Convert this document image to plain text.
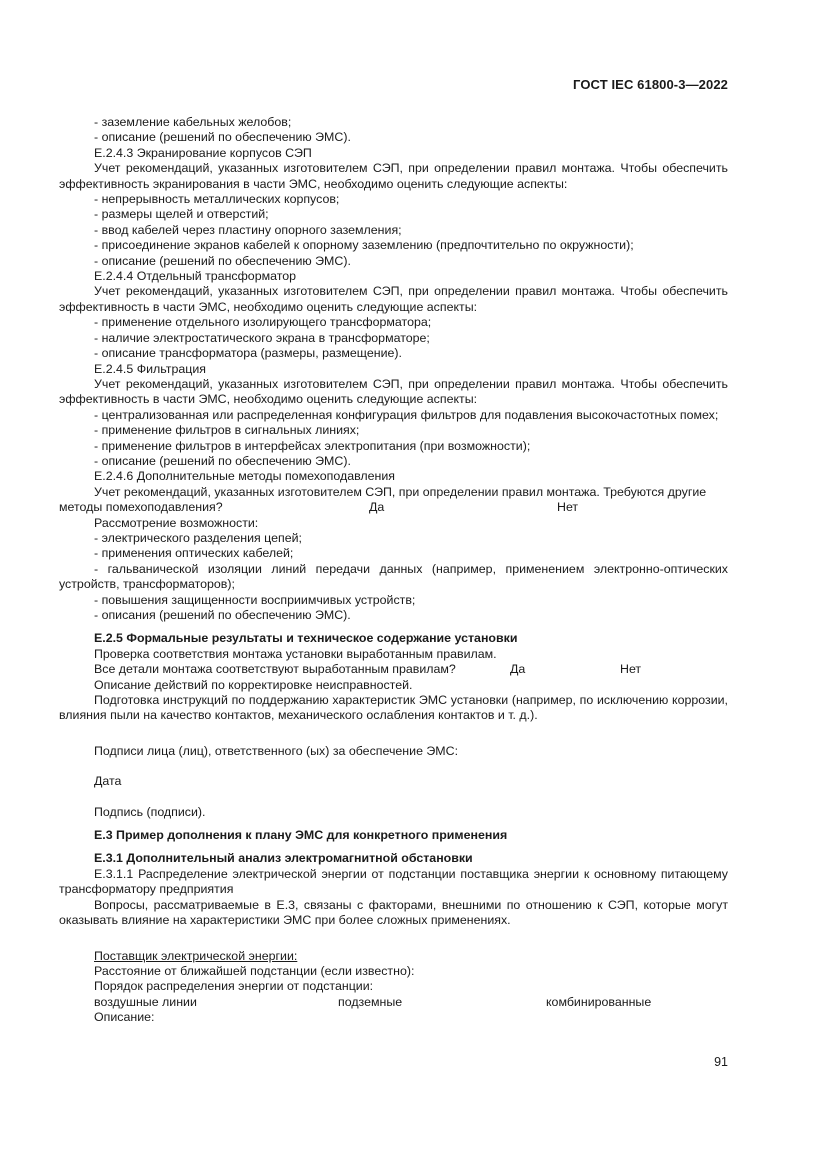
ГОСТ IEC 61800-3—2022
- заземление кабельных желобов;
- описание (решений по обеспечению ЭМС).
Е.2.4.3 Экранирование корпусов СЭП
Учет рекомендаций, указанных изготовителем СЭП, при определении правил монтажа. Чтобы обеспечить эффективность экранирования в части ЭМС, необходимо оценить следующие аспекты:
- непрерывность металлических корпусов;
- размеры щелей и отверстий;
- ввод кабелей через пластину опорного заземления;
- присоединение экранов кабелей к опорному заземлению (предпочтительно по окружности);
- описание (решений по обеспечению ЭМС).
Е.2.4.4 Отдельный трансформатор
Учет рекомендаций, указанных изготовителем СЭП, при определении правил монтажа. Чтобы обеспечить эффективность в части ЭМС, необходимо оценить следующие аспекты:
- применение отдельного изолирующего трансформатора;
- наличие электростатического экрана в трансформаторе;
- описание трансформатора (размеры, размещение).
Е.2.4.5 Фильтрация
Учет рекомендаций, указанных изготовителем СЭП, при определении правил монтажа. Чтобы обеспечить эффективность в части ЭМС, необходимо оценить следующие аспекты:
- централизованная или распределенная конфигурация фильтров для подавления высокочастотных помех;
- применение фильтров в сигнальных линиях;
- применение фильтров в интерфейсах электропитания (при возможности);
- описание (решений по обеспечению ЭМС).
Е.2.4.6 Дополнительные методы помехоподавления
Учет рекомендаций, указанных изготовителем СЭП, при определении правил монтажа. Требуются другие
методы помехоподавления?	Да	Нет
Рассмотрение возможности:
- электрического разделения цепей;
- применения оптических кабелей;
- гальванической изоляции линий передачи данных (например, применением электронно-оптических устройств, трансформаторов);
- повышения защищенности восприимчивых устройств;
- описания (решений по обеспечению ЭМС).
Е.2.5 Формальные результаты и техническое содержание установки
Проверка соответствия монтажа установки выработанным правилам.
Все детали монтажа соответствуют выработанным правилам?	Да	Нет
Описание действий по корректировке неисправностей.
Подготовка инструкций по поддержанию характеристик ЭМС установки (например, по исключению коррозии, влияния пыли на качество контактов, механического ослабления контактов и т. д.).
Подписи лица (лиц), ответственного (ых) за обеспечение ЭМС:
Дата
Подпись (подписи).
Е.3 Пример дополнения к плану ЭМС для конкретного применения
Е.3.1 Дополнительный анализ электромагнитной обстановки
Е.3.1.1 Распределение электрической энергии от подстанции поставщика энергии к основному питающему трансформатору предприятия
Вопросы, рассматриваемые в Е.3, связаны с факторами, внешними по отношению к СЭП, которые могут оказывать влияние на характеристики ЭМС при более сложных применениях.
Поставщик электрической энергии:
Расстояние от ближайшей подстанции (если известно):
Порядок распределения энергии от подстанции:
воздушные линии	подземные	комбинированные
Описание:
91
